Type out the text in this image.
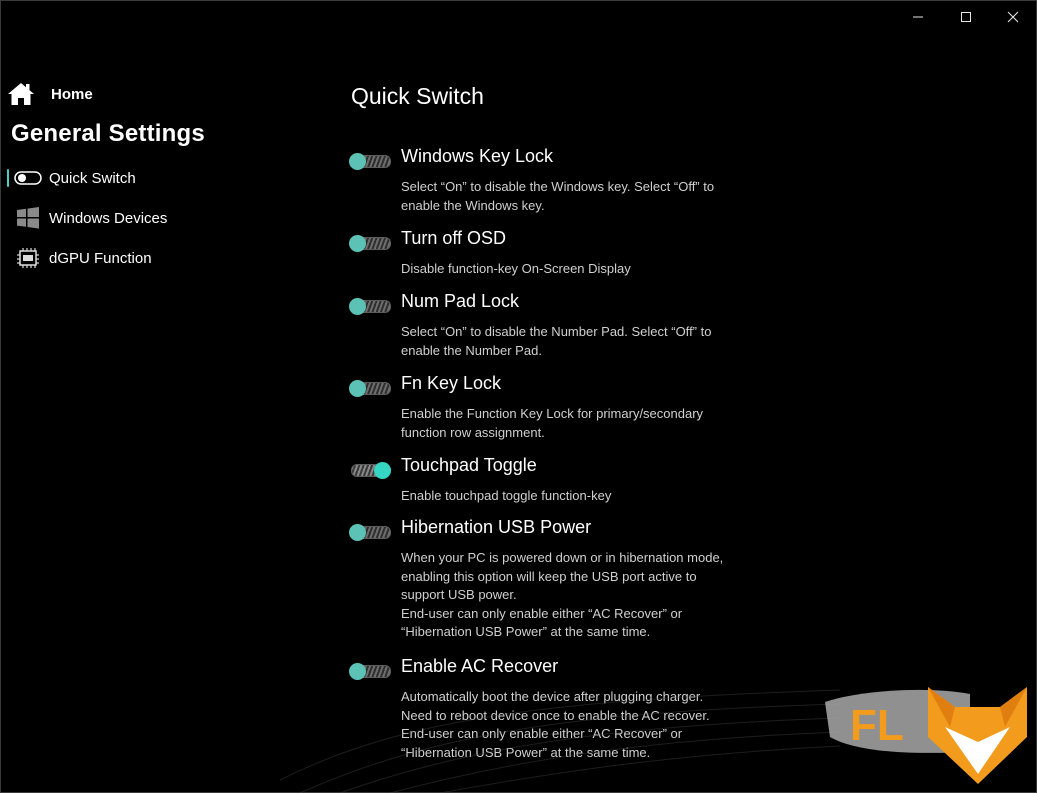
Home
General Settings
Quick Switch
Windows Devices
dGPU Function
Quick Switch
Windows Key Lock
Select “On” to disable the Windows key. Select “Off” to
enable the Windows key.
Turn off OSD
Disable function-key On-Screen Display
Num Pad Lock
Select “On” to disable the Number Pad. Select “Off” to
enable the Number Pad.
Fn Key Lock
Enable the Function Key Lock for primary/secondary
function row assignment.
Touchpad Toggle
Enable touchpad toggle function-key
Hibernation USB Power
When your PC is powered down or in hibernation mode,
enabling this option will keep the USB port active to
support USB power.
End-user can only enable either “AC Recover” or
“Hibernation USB Power” at the same time.
Enable AC Recover
Automatically boot the device after plugging charger.
Need to reboot device once to enable the AC recover.
End-user can only enable either “AC Recover” or
“Hibernation USB Power” at the same time.
FL
